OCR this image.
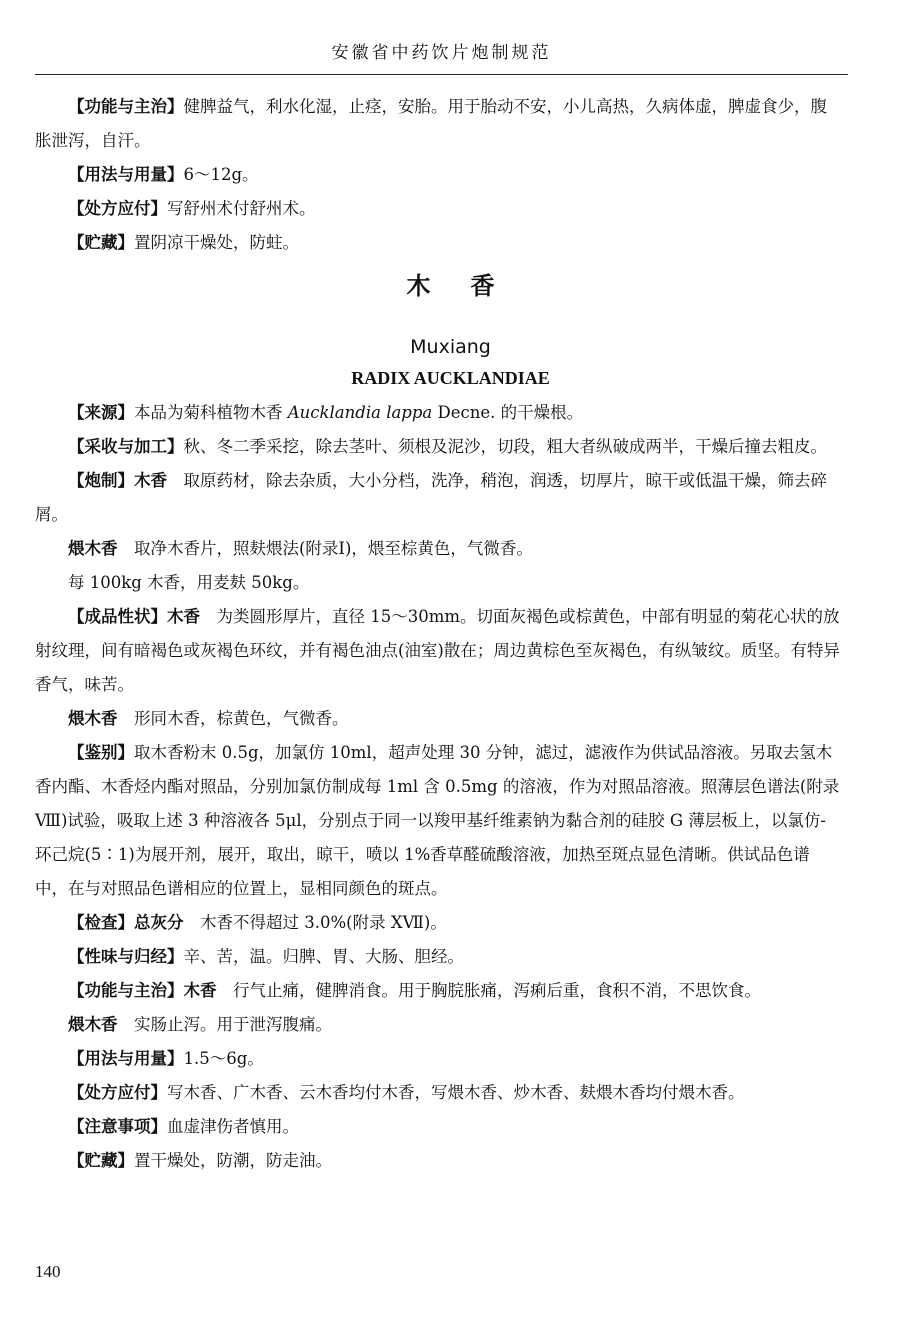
安徽省中药饮片炮制规范

【功能与主治】健脾益气，利水化湿，止痉，安胎。用于胎动不安，小儿高热，久病体虚，脾虚食少，腹胀泄泻，自汗。

【用法与用量】6～12g。

【处方应付】写舒州术付舒州术。

【贮藏】置阴凉干燥处，防蛀。

木香
Muxiang
RADIX AUCKLANDIAE

【来源】本品为菊科植物木香 Aucklandia lappa Decne. 的干燥根。

【采收与加工】秋、冬二季采挖，除去茎叶、须根及泥沙，切段，粗大者纵破成两半，干燥后撞去粗皮。

【炮制】木香　取原药材，除去杂质，大小分档，洗净，稍泡，润透，切厚片，晾干或低温干燥，筛去碎屑。

煨木香　取净木香片，照麸煨法(附录Ⅰ)，煨至棕黄色，气微香。

每 100kg 木香，用麦麸 50kg。

【成品性状】木香　为类圆形厚片，直径 15～30mm。切面灰褐色或棕黄色，中部有明显的菊花心状的放射纹理，间有暗褐色或灰褐色环纹，并有褐色油点(油室)散在；周边黄棕色至灰褐色，有纵皱纹。质坚。有特异香气，味苦。

煨木香　形同木香，棕黄色，气微香。

【鉴别】取木香粉末 0.5g，加氯仿 10ml，超声处理 30 分钟，滤过，滤液作为供试品溶液。另取去氢木香内酯、木香烃内酯对照品，分别加氯仿制成每 1ml 含 0.5mg 的溶液，作为对照品溶液。照薄层色谱法(附录Ⅷ)试验，吸取上述 3 种溶液各 5μl，分别点于同一以羧甲基纤维素钠为黏合剂的硅胶 G 薄层板上，以氯仿-环己烷(5∶1)为展开剂，展开，取出，晾干，喷以 1%香草醛硫酸溶液，加热至斑点显色清晰。供试品色谱中，在与对照品色谱相应的位置上，显相同颜色的斑点。

【检查】总灰分　木香不得超过 3.0%(附录 XⅦ)。

【性味与归经】辛、苦，温。归脾、胃、大肠、胆经。

【功能与主治】木香　行气止痛，健脾消食。用于胸脘胀痛，泻痢后重，食积不消，不思饮食。

煨木香　实肠止泻。用于泄泻腹痛。

【用法与用量】1.5～6g。

【处方应付】写木香、广木香、云木香均付木香，写煨木香、炒木香、麸煨木香均付煨木香。

【注意事项】血虚津伤者慎用。

【贮藏】置干燥处，防潮，防走油。

140
